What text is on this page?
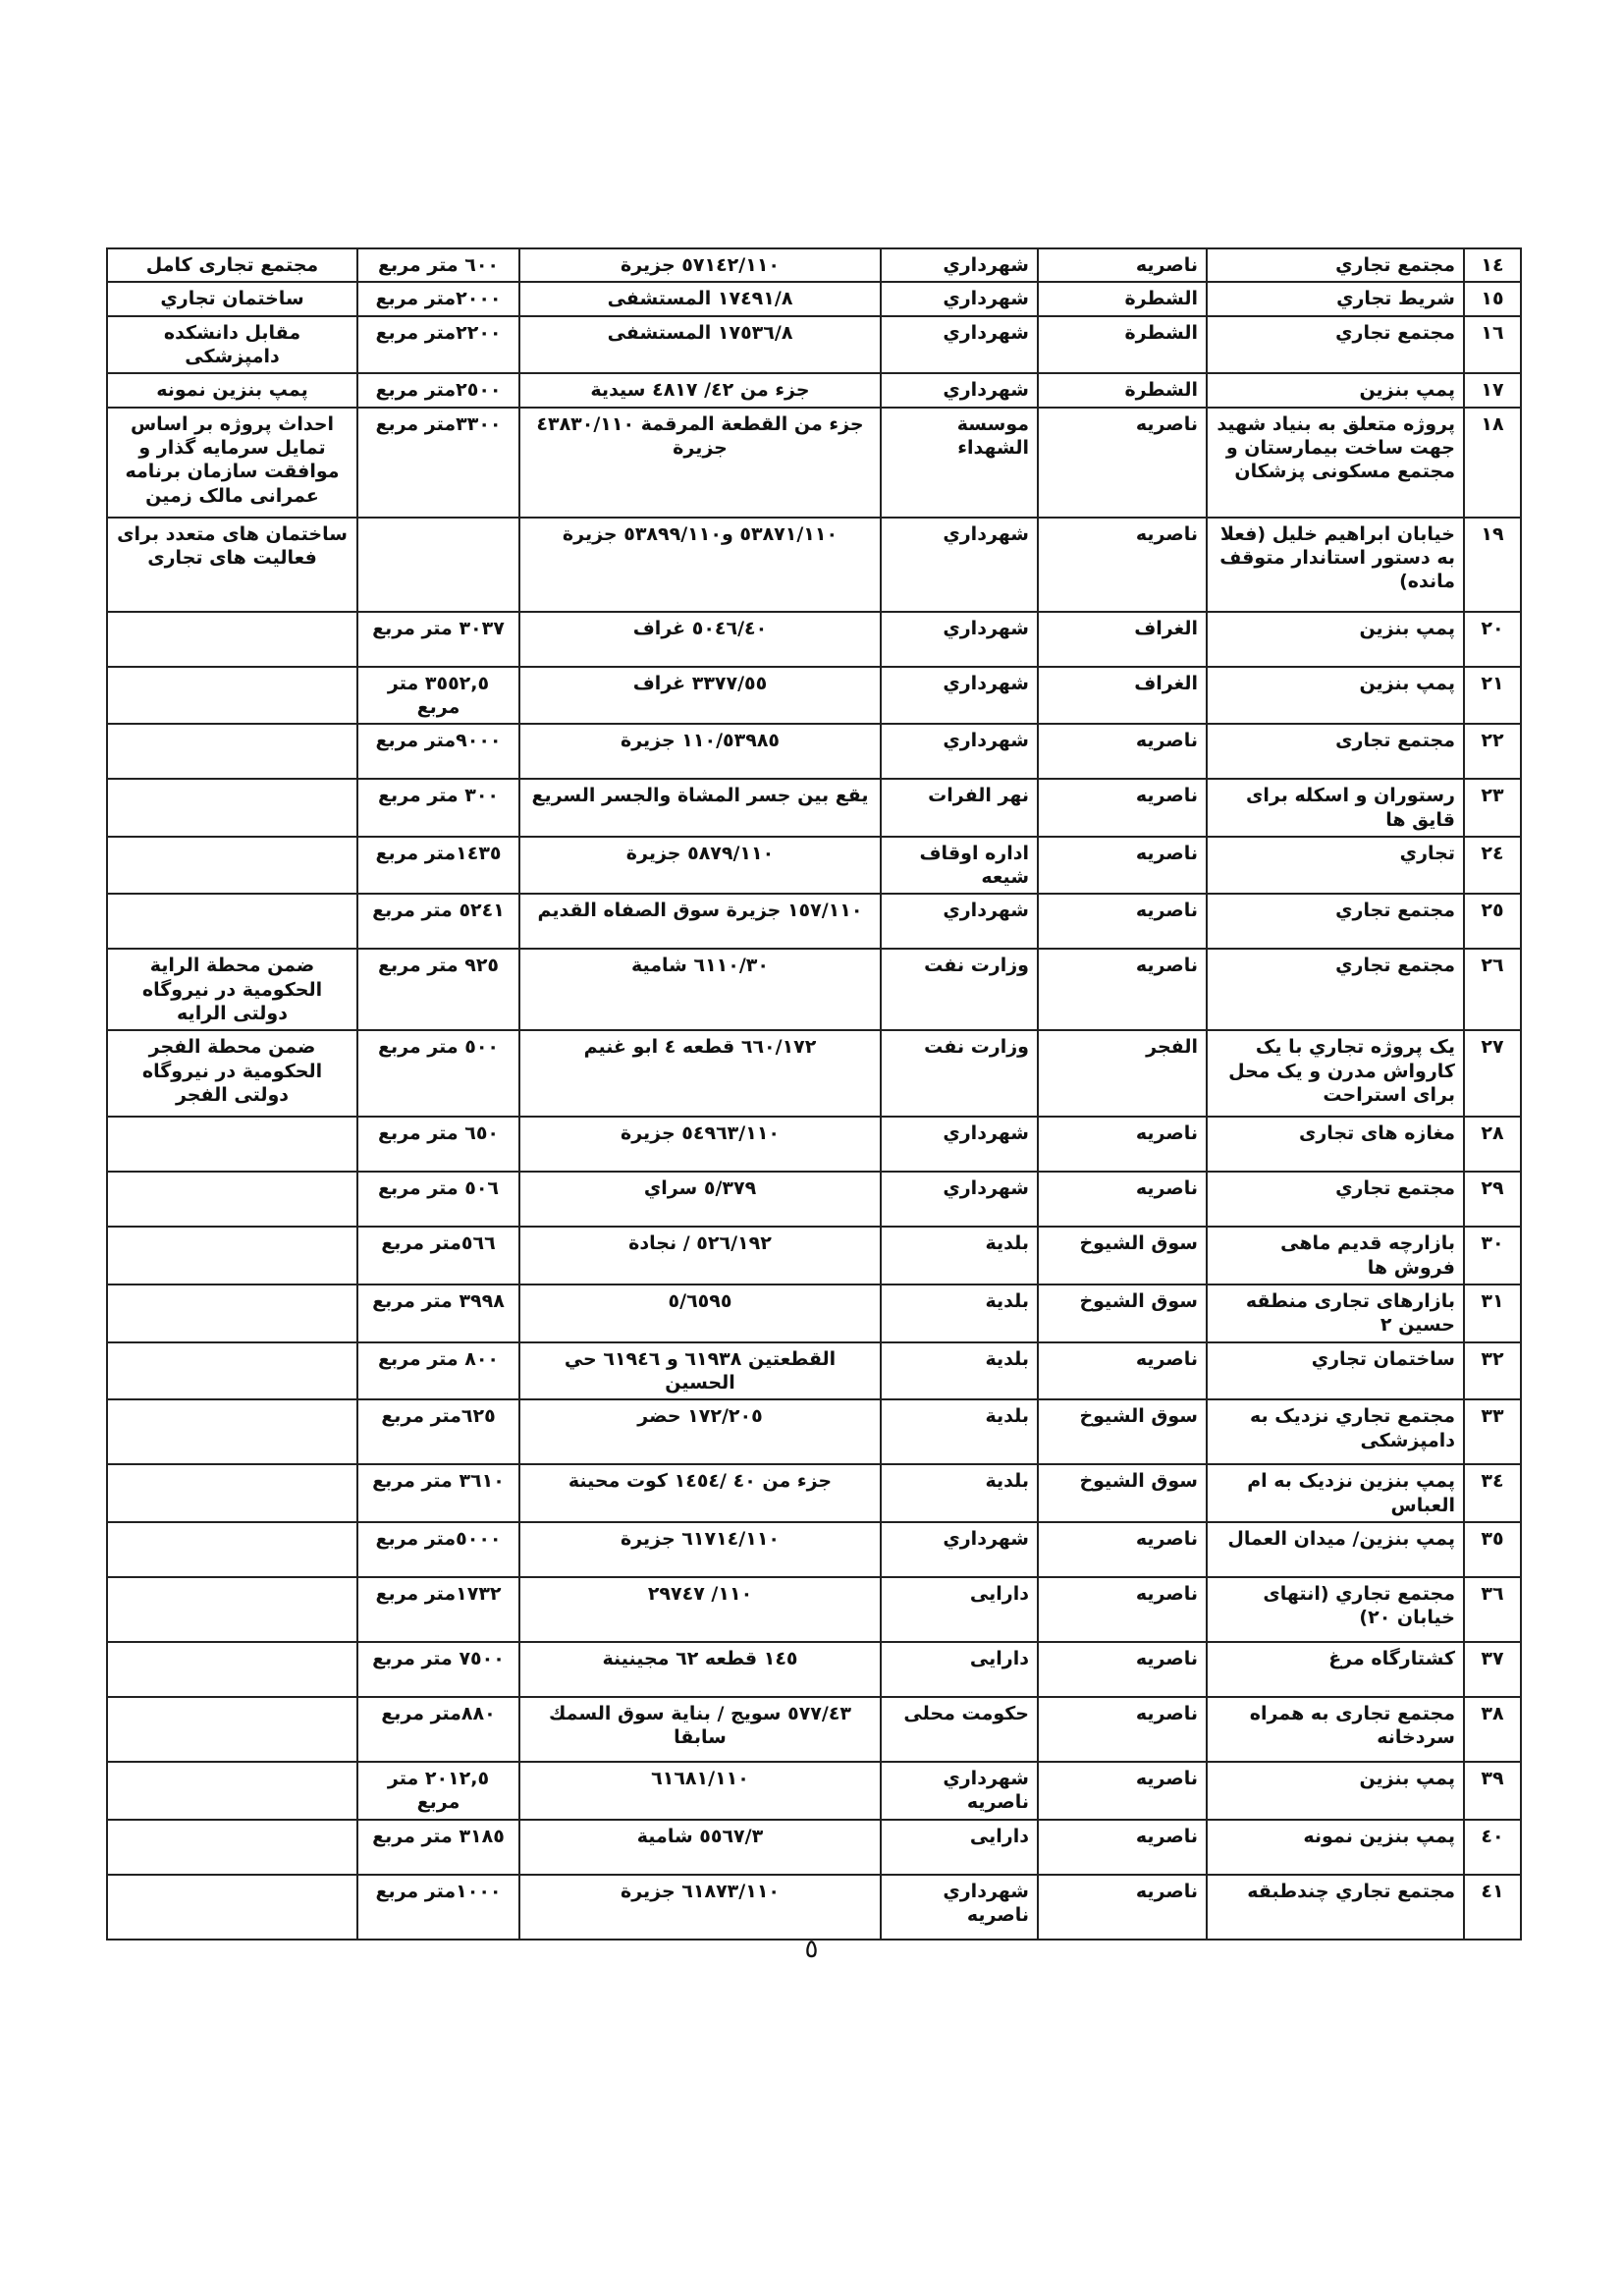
١٤	مجتمع تجاري	ناصريه	شهرداري	٥٧١٤٢/١١٠ جزيرة	٦٠٠ متر مربع	مجتمع تجاری کامل
١٥	شريط تجاري	الشطرة	شهرداري	١٧٤٩١/٨ المستشفى	٢٠٠٠متر مربع	ساختمان تجاري
١٦	مجتمع تجاري	الشطرة	شهرداري	١٧٥٣٦/٨ المستشفى	٢٢٠٠متر مربع	مقابل دانشکده دامپزشکی
١٧	پمپ بنزين	الشطرة	شهرداري	جزء من ٤٢/ ٤٨١٧ سيدية	٢٥٠٠متر مربع	پمپ بنزين نمونه
١٨	پروژه متعلق به بنياد شهيد جهت ساخت بيمارستان و مجتمع مسکونی پزشکان	ناصريه	موسسة الشهداء	جزء من القطعة المرقمة ٤٣٨٣٠/١١٠ جزيرة	٣٣٠٠متر مربع	احداث پروژه بر اساس تمايل سرمايه گذار و موافقت سازمان برنامه عمرانی مالک زمين
١٩	خيابان ابراهيم خليل (فعلا به دستور استاندار متوقف مانده)	ناصريه	شهرداري	٥٣٨٧١/١١٠ و٥٣٨٩٩/١١٠ جزيرة		ساختمان های متعدد برای فعاليت های تجاری
٢٠	پمپ بنزين	الغراف	شهرداري	٥٠٤٦/٤٠ غراف	٣٠٣٧ متر مربع	
٢١	پمپ بنزين	الغراف	شهرداري	٣٣٧٧/٥٥ غراف	٣٥٥٢,٥ متر مربع	
٢٢	مجتمع تجاری	ناصريه	شهرداري	١١٠/٥٣٩٨٥ جزيرة	٩٠٠٠متر مربع	
٢٣	رستوران و اسکله برای قايق ها	ناصريه	نهر الفرات	يقع بين جسر المشاة والجسر السريع	٣٠٠ متر مربع	
٢٤	تجاري	ناصريه	اداره اوقاف شيعه	٥٨٧٩/١١٠ جزيرة	١٤٣٥متر مربع	
٢٥	مجتمع تجاري	ناصريه	شهرداري	١٥٧/١١٠ جزيرة سوق الصفاه القديم	٥٢٤١ متر مربع	
٢٦	مجتمع تجاري	ناصريه	وزارت نفت	٦١١٠/٣٠ شامية	٩٢٥ متر مربع	ضمن محطة الراية الحكومية در نيروگاه دولتی الرايه
٢٧	يک پروژه تجاري با يک کارواش مدرن و يک محل برای استراحت	الفجر	وزارت نفت	٦٦٠/١٧٢ قطعه ٤ ابو غنيم	٥٠٠ متر مربع	ضمن محطة الفجر الحكومية در نيروگاه دولتی الفجر
٢٨	مغازه های تجاری	ناصريه	شهرداري	٥٤٩٦٣/١١٠ جزيرة	٦٥٠ متر مربع	
٢٩	مجتمع تجاري	ناصريه	شهرداري	٥/٣٧٩ سراي	٥٠٦ متر مربع	
٣٠	بازارچه قديم ماهی فروش ها	سوق الشيوخ	بلدية	٥٢٦/١٩٢ / نجادة	٥٦٦متر مربع	
٣١	بازارهای تجاری منطقه حسين ٢	سوق الشيوخ	بلدية	٥/٦٥٩٥	٣٩٩٨ متر مربع	
٣٢	ساختمان تجاري	ناصريه	بلدية	القطعتين ٦١٩٣٨ و ٦١٩٤٦ حي الحسين	٨٠٠ متر مربع	
٣٣	مجتمع تجاري نزديک به دامپزشکی	سوق الشيوخ	بلدية	١٧٢/٢٠٥ حضر	٦٢٥متر مربع	
٣٤	پمپ بنزين نزديک به ام العباس	سوق الشيوخ	بلدية	جزء من ٤٠ /١٤٥٤ كوت محينة	٣٦١٠ متر مربع	
٣٥	پمپ بنزين/ ميدان العمال	ناصريه	شهرداري	٦١٧١٤/١١٠ جزيرة	٥٠٠٠متر مربع	
٣٦	مجتمع تجاري (انتهای خيابان ٢٠)	ناصريه	دارايی	١١٠/ ٢٩٧٤٧	١٧٣٢متر مربع	
٣٧	کشتارگاه مرغ	ناصريه	دارايی	١٤٥ قطعه ٦٢ مجينينة	٧٥٠٠ متر مربع	
٣٨	مجتمع تجاری به همراه سردخانه	ناصريه	حكومت محلی	٥٧٧/٤٣ سويج / بناية سوق السمك سابقا	٨٨٠متر مربع	
٣٩	پمپ بنزين	ناصريه	شهرداري ناصريه	٦١٦٨١/١١٠	٢٠١٢,٥ متر مربع	
٤٠	پمپ بنزين نمونه	ناصريه	دارايی	٥٥٦٧/٣ شامية	٣١٨٥ متر مربع	
٤١	مجتمع تجاري چندطبقه	ناصريه	شهرداري ناصريه	٦١٨٧٣/١١٠ جزيرة	١٠٠٠متر مربع	
٥
